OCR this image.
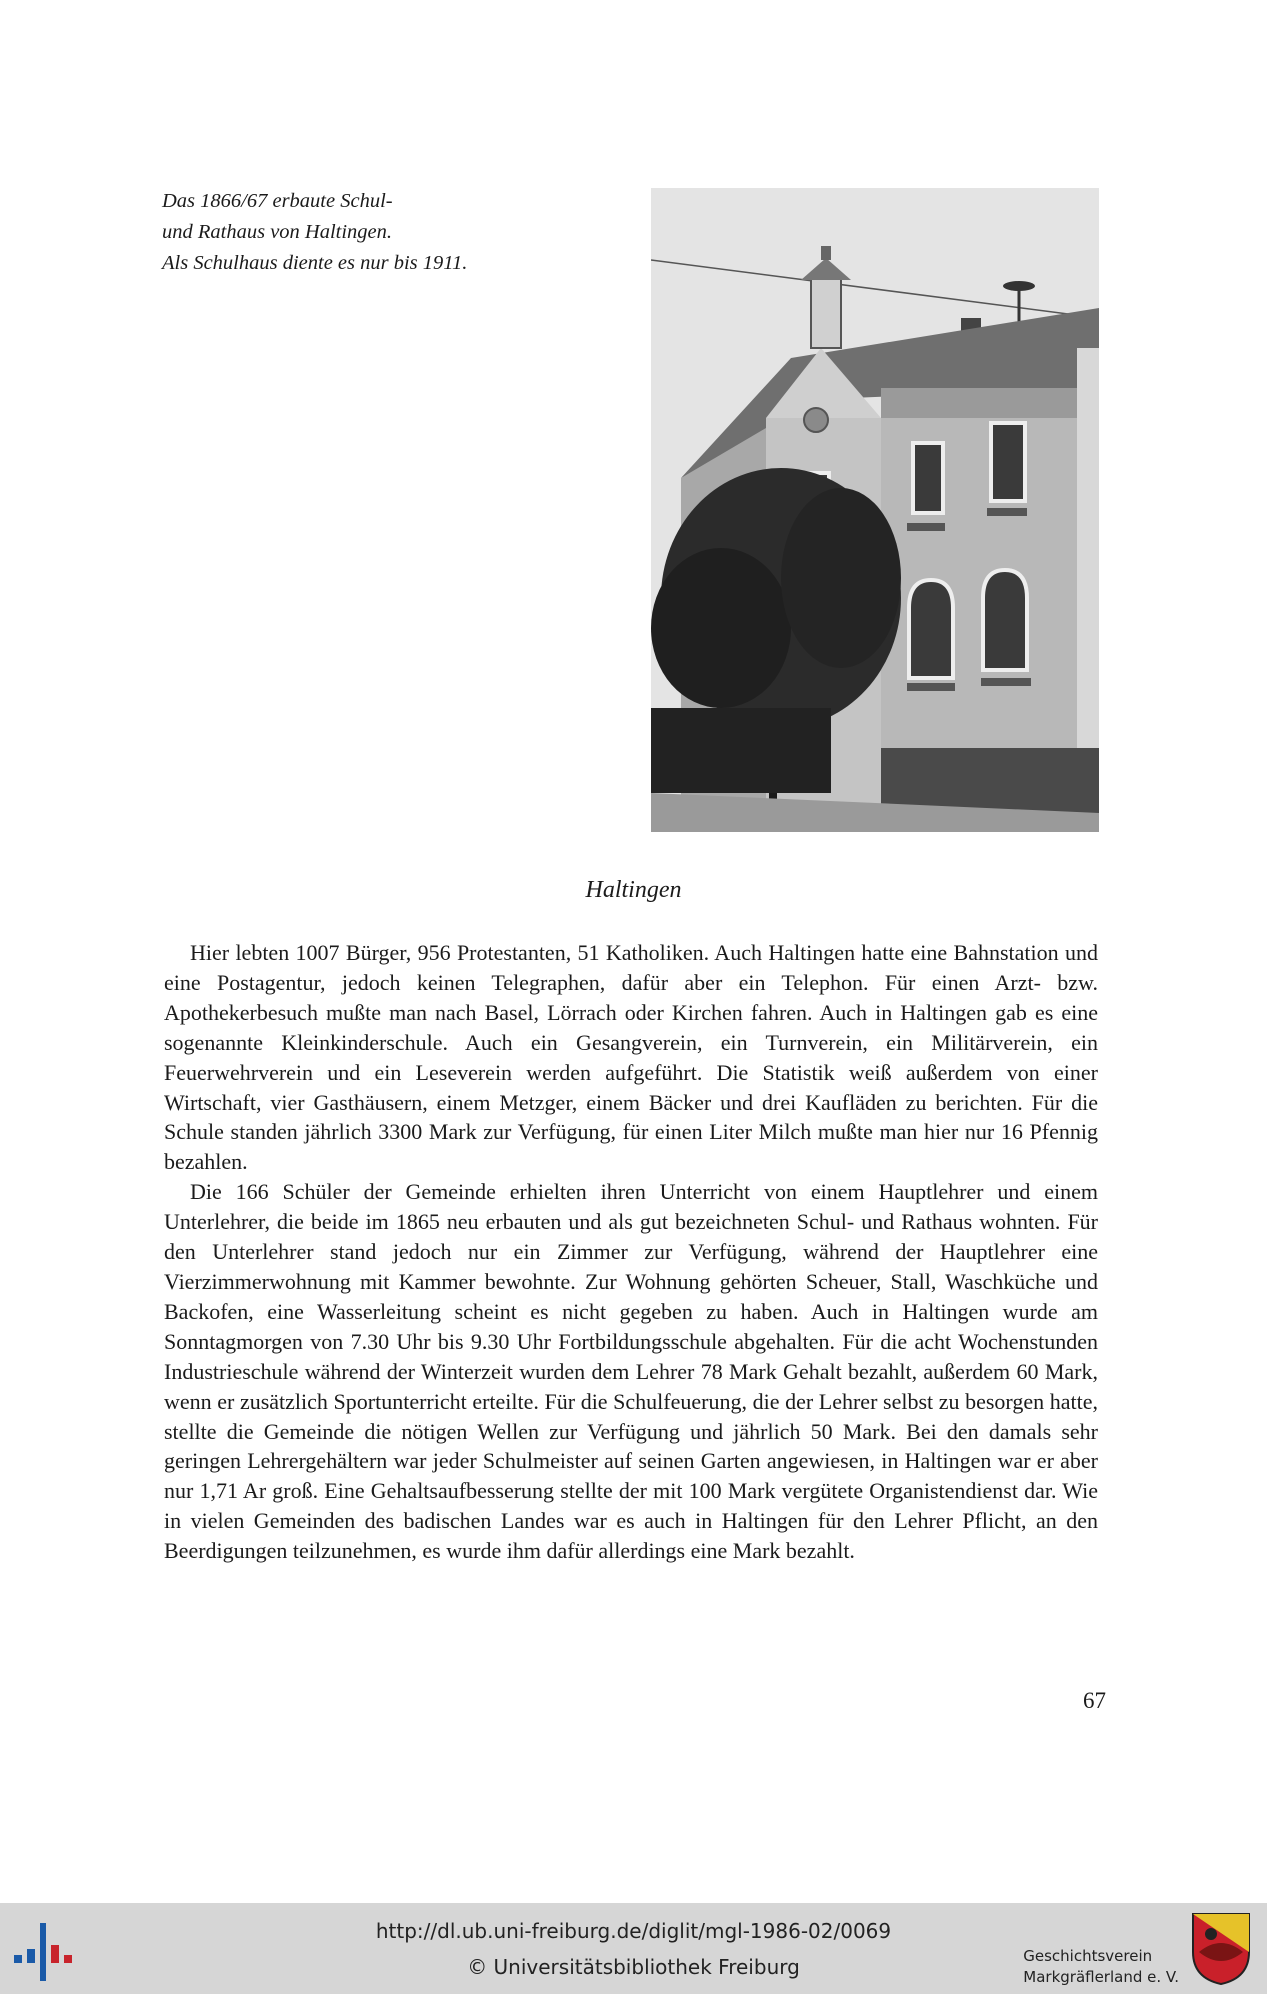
Das 1866/67 erbaute Schul-
und Rathaus von Haltingen.
Als Schulhaus diente es nur bis 1911.
Haltingen

Hier lebten 1007 Bürger, 956 Protestanten, 51 Katholiken. Auch Haltingen hatte eine Bahnstation und eine Postagentur, jedoch keinen Telegraphen, dafür aber ein Telephon. Für einen Arzt- bzw. Apothekerbesuch mußte man nach Basel, Lörrach oder Kirchen fahren. Auch in Haltingen gab es eine sogenannte Kleinkinderschule. Auch ein Gesangverein, ein Turnverein, ein Militärverein, ein Feuerwehrverein und ein Leseverein werden aufgeführt. Die Statistik weiß außerdem von einer Wirtschaft, vier Gasthäusern, einem Metzger, einem Bäcker und drei Kaufläden zu berichten. Für die Schule standen jährlich 3300 Mark zur Verfügung, für einen Liter Milch mußte man hier nur 16 Pfennig bezahlen.

Die 166 Schüler der Gemeinde erhielten ihren Unterricht von einem Hauptlehrer und einem Unterlehrer, die beide im 1865 neu erbauten und als gut bezeichneten Schul- und Rathaus wohnten. Für den Unterlehrer stand jedoch nur ein Zimmer zur Verfügung, während der Hauptlehrer eine Vierzimmerwohnung mit Kammer bewohnte. Zur Wohnung gehörten Scheuer, Stall, Waschküche und Backofen, eine Wasserleitung scheint es nicht gegeben zu haben. Auch in Haltingen wurde am Sonntagmorgen von 7.30 Uhr bis 9.30 Uhr Fortbildungsschule abgehalten. Für die acht Wochenstunden Industrieschule während der Winterzeit wurden dem Lehrer 78 Mark Gehalt bezahlt, außerdem 60 Mark, wenn er zusätzlich Sportunterricht erteilte. Für die Schulfeuerung, die der Lehrer selbst zu besorgen hatte, stellte die Gemeinde die nötigen Wellen zur Verfügung und jährlich 50 Mark. Bei den damals sehr geringen Lehrergehältern war jeder Schulmeister auf seinen Garten angewiesen, in Haltingen war er aber nur 1,71 Ar groß. Eine Gehaltsaufbesserung stellte der mit 100 Mark vergütete Organistendienst dar. Wie in vielen Gemeinden des badischen Landes war es auch in Haltingen für den Lehrer Pflicht, an den Beerdigungen teilzunehmen, es wurde ihm dafür allerdings eine Mark bezahlt.

67
http://dl.ub.uni-freiburg.de/diglit/mgl-1986-02/0069
© Universitätsbibliothek Freiburg	Geschichtsverein
Markgräflerland e. V.
